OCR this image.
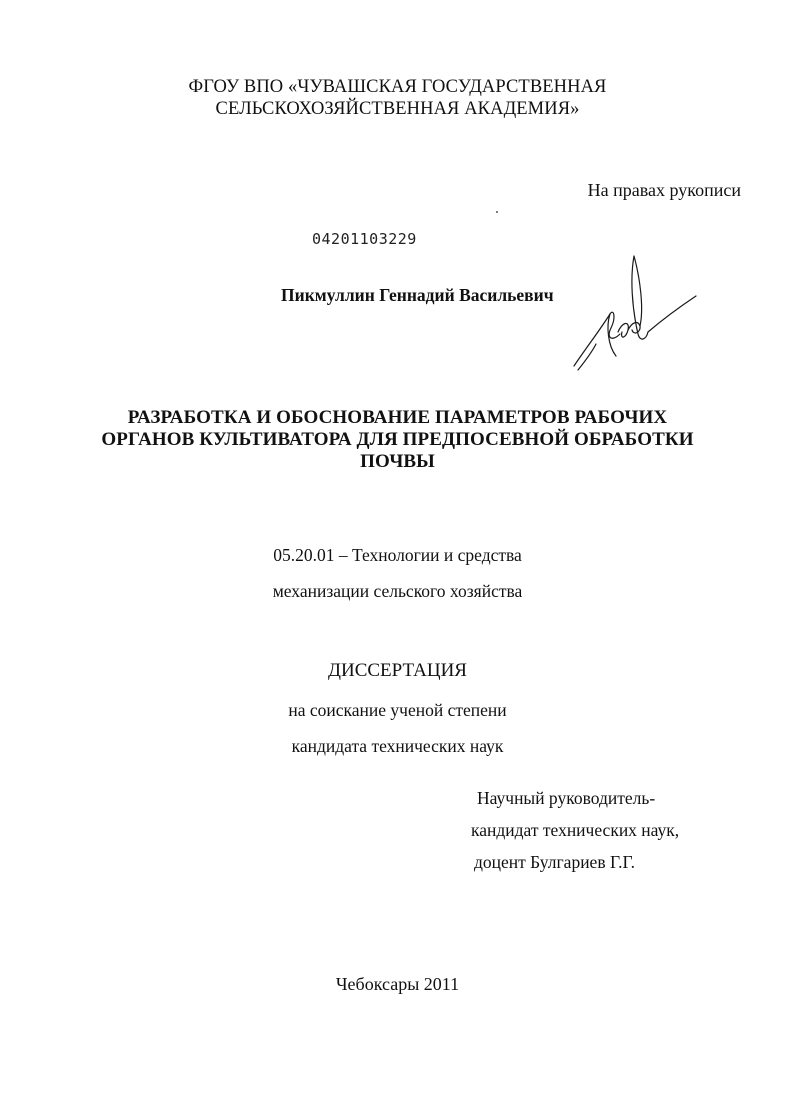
ФГОУ ВПО «ЧУВАШСКАЯ ГОСУДАРСТВЕННАЯ
СЕЛЬСКОХОЗЯЙСТВЕННАЯ АКАДЕМИЯ»
На правах рукописи
04201103229
Пикмуллин Геннадий Васильевич
РАЗРАБОТКА И ОБОСНОВАНИЕ ПАРАМЕТРОВ РАБОЧИХ
ОРГАНОВ КУЛЬТИВАТОРА ДЛЯ ПРЕДПОСЕВНОЙ ОБРАБОТКИ
ПОЧВЫ
05.20.01 – Технологии и средства
механизации сельского хозяйства
ДИССЕРТАЦИЯ
на соискание ученой степени
кандидата технических наук
Научный руководитель-
кандидат технических наук,
доцент Булгариев Г.Г.
Чебоксары 2011
